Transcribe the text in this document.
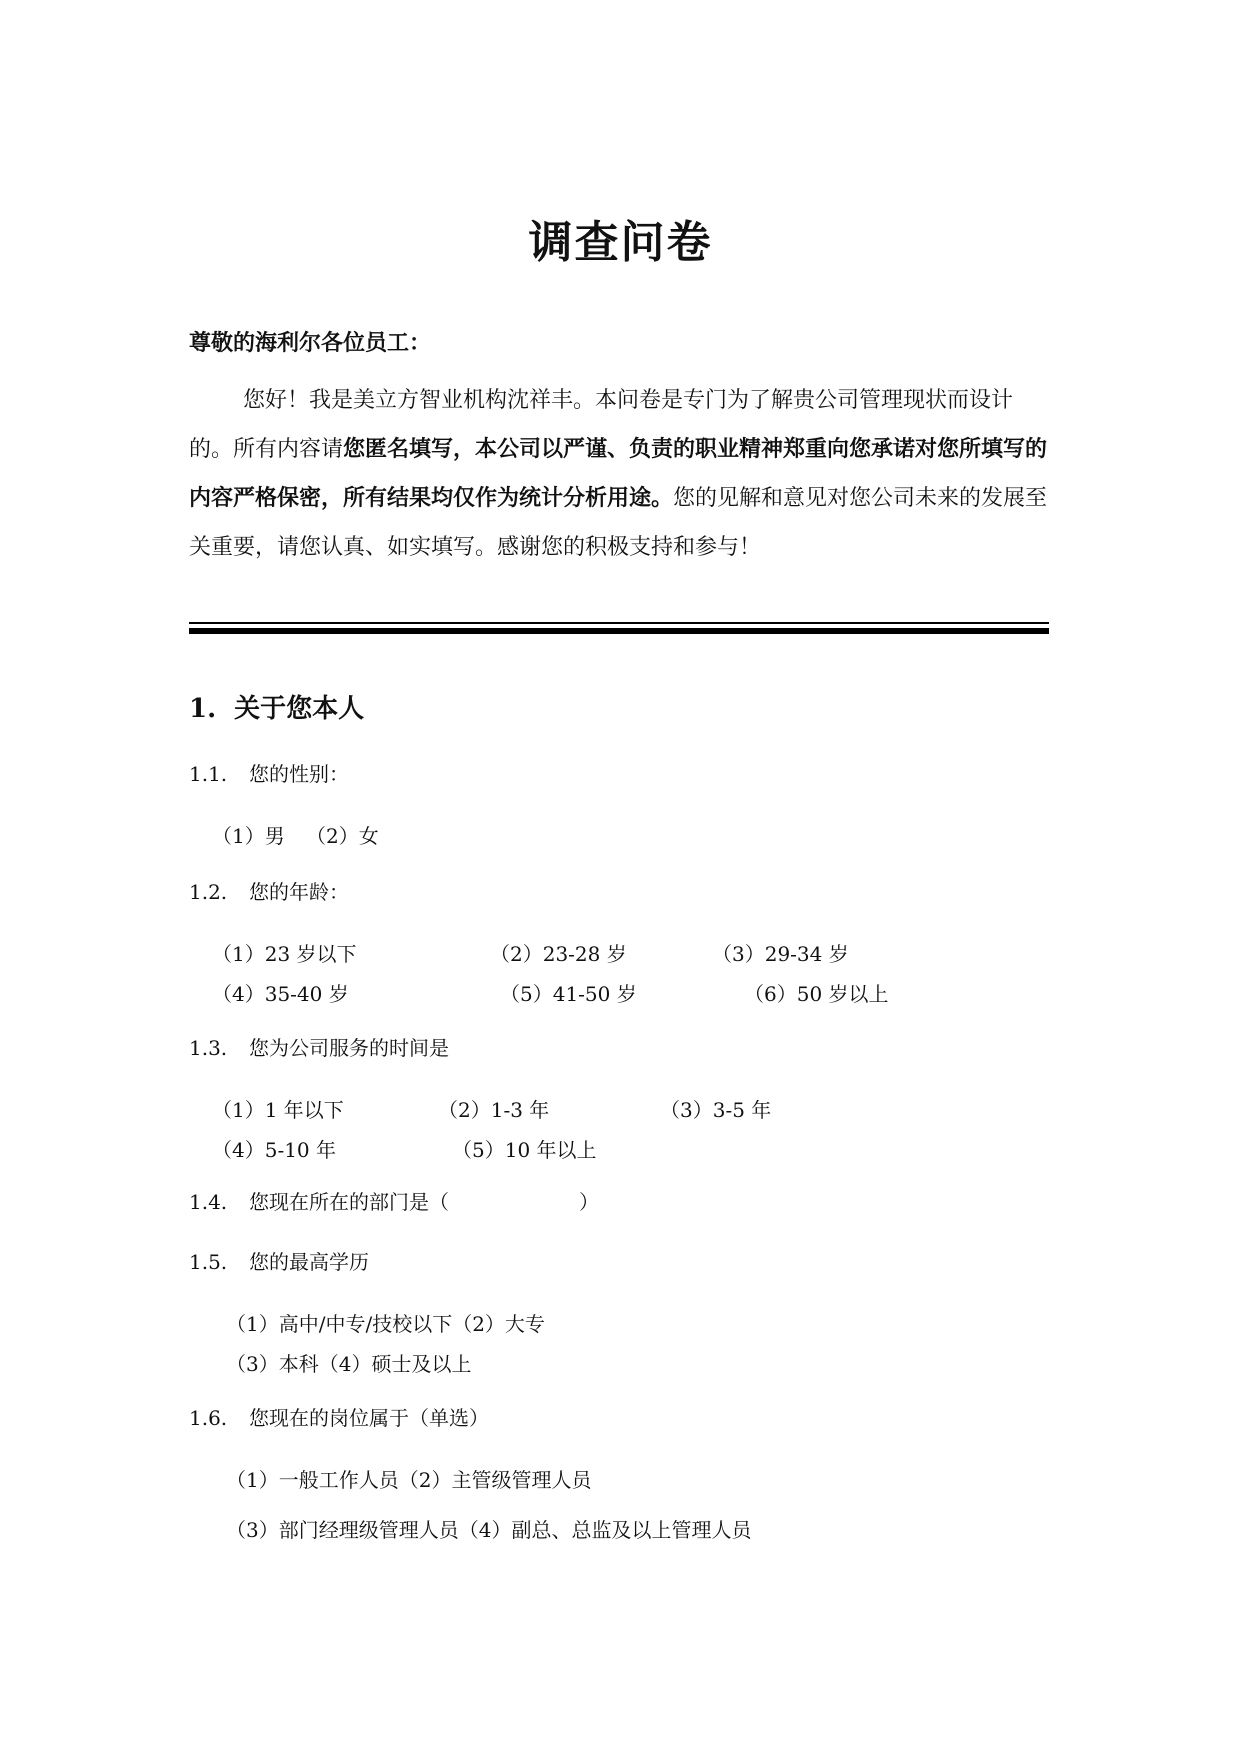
调查问卷
尊敬的海利尔各位员工：

您好！我是美立方智业机构沈祥丰。本问卷是专门为了解贵公司管理现状而设计的。所有内容请您匿名填写，本公司以严谨、负责的职业精神郑重向您承诺对您所填写的内容严格保密，所有结果均仅作为统计分析用途。您的见解和意见对您公司未来的发展至关重要，请您认真、如实填写。感谢您的积极支持和参与！

1. 关于您本人
1.1. 您的性别：
（1）男 （2）女
1.2. 您的年龄：
（1）23 岁以下	（2）23-28 岁	（3）29-34 岁
（4）35-40 岁	（5）41-50 岁	（6）50 岁以上
1.3. 您为公司服务的时间是
（1）1 年以下	（2）1-3 年	（3）3-5 年
（4）5-10 年	（5）10 年以上
1.4. 您现在所在的部门是（	）
1.5. 您的最高学历
（1）高中/中专/技校以下（2）大专
（3）本科（4）硕士及以上
1.6. 您现在的岗位属于（单选）
（1）一般工作人员（2）主管级管理人员
（3）部门经理级管理人员（4）副总、总监及以上管理人员
